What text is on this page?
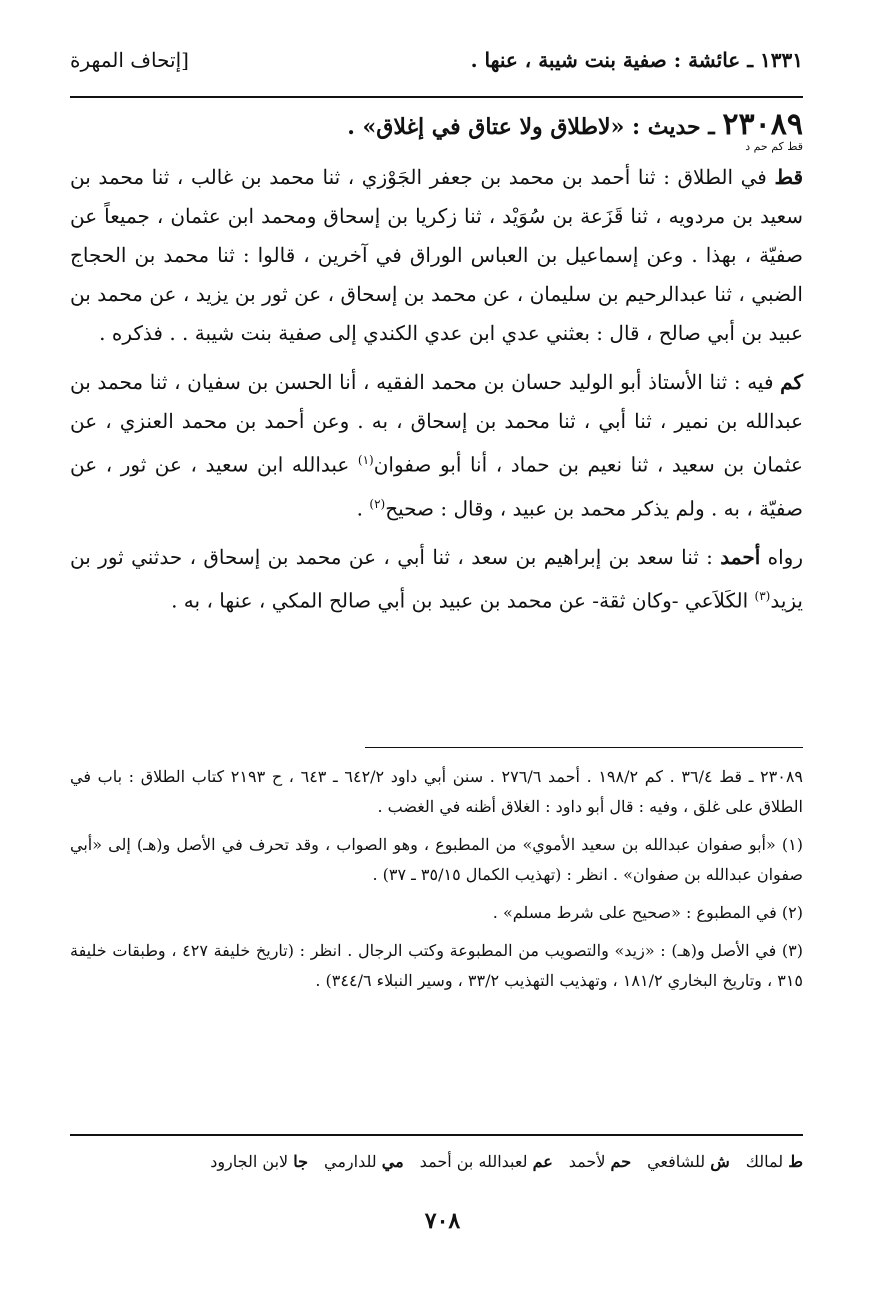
١٣٣١ ـ عائشة : صفية بنت شيبة ، عنها .
[إتحاف المهرة
٢٣٠٨٩ ـ حديث : «لاطلاق ولا عتاق في إغلاق» .
قط كم حم د

قط في الطلاق : ثنا أحمد بن محمد بن جعفر الجَوْزي ، ثنا محمد بن غالب ، ثنا محمد بن سعيد بن مردويه ، ثنا قَزَعة بن سُوَيْد ، ثنا زكريا بن إسحاق ومحمد ابن عثمان ، جميعاً عن صفيّة ، بهذا . وعن إسماعيل بن العباس الوراق في آخرين ، قالوا : ثنا محمد بن الحجاج الضبي ، ثنا عبدالرحيم بن سليمان ، عن محمد بن إسحاق ، عن ثور بن يزيد ، عن محمد بن عبيد بن أبي صالح ، قال : بعثني عدي ابن عدي الكندي إلى صفية بنت شيبة . . فذكره .

كم فيه : ثنا الأستاذ أبو الوليد حسان بن محمد الفقيه ، أنا الحسن بن سفيان ، ثنا محمد بن عبدالله بن نمير ، ثنا أبي ، ثنا محمد بن إسحاق ، به . وعن أحمد بن محمد العنزي ، عن عثمان بن سعيد ، ثنا نعيم بن حماد ، أنا أبو صفوان$^{(١)}$ عبدالله ابن سعيد ، عن ثور ، عن صفيّة ، به . ولم يذكر محمد بن عبيد ، وقال : صحيح$^{(٢)}$ .

رواه أحمد : ثنا سعد بن إبراهيم بن سعد ، ثنا أبي ، عن محمد بن إسحاق ، حدثني ثور بن يزيد$^{(٣)}$ الكَلاَعي -وكان ثقة- عن محمد بن عبيد بن أبي صالح المكي ، عنها ، به .

٢٣٠٨٩ ـ قط ٣٦/٤ . كم ١٩٨/٢ . أحمد ٢٧٦/٦ . سنن أبي داود ٦٤٢/٢ ـ ٦٤٣ ، ح ٢١٩٣ كتاب الطلاق : باب في الطلاق على غلق ، وفيه : قال أبو داود : الغلاق أظنه في الغضب .

(١) «أبو صفوان عبدالله بن سعيد الأموي» من المطبوع ، وهو الصواب ، وقد تحرف في الأصل و(هـ) إلى «أبي صفوان عبدالله بن صفوان» . انظر : (تهذيب الكمال ٣٥/١٥ ـ ٣٧) .

(٢) في المطبوع : «صحيح على شرط مسلم» .

(٣) في الأصل و(هـ) : «زيد» والتصويب من المطبوعة وكتب الرجال . انظر : (تاريخ خليفة ٤٢٧ ، وطبقات خليفة ٣١٥ ، وتاريخ البخاري ١٨١/٢ ، وتهذيب التهذيب ٣٣/٢ ، وسير النبلاء ٣٤٤/٦) .

ط لمالك
ش للشافعي
حم لأحمد
عم لعبدالله بن أحمد
مي للدارمي
جا لابن الجارود
٧٠٨
